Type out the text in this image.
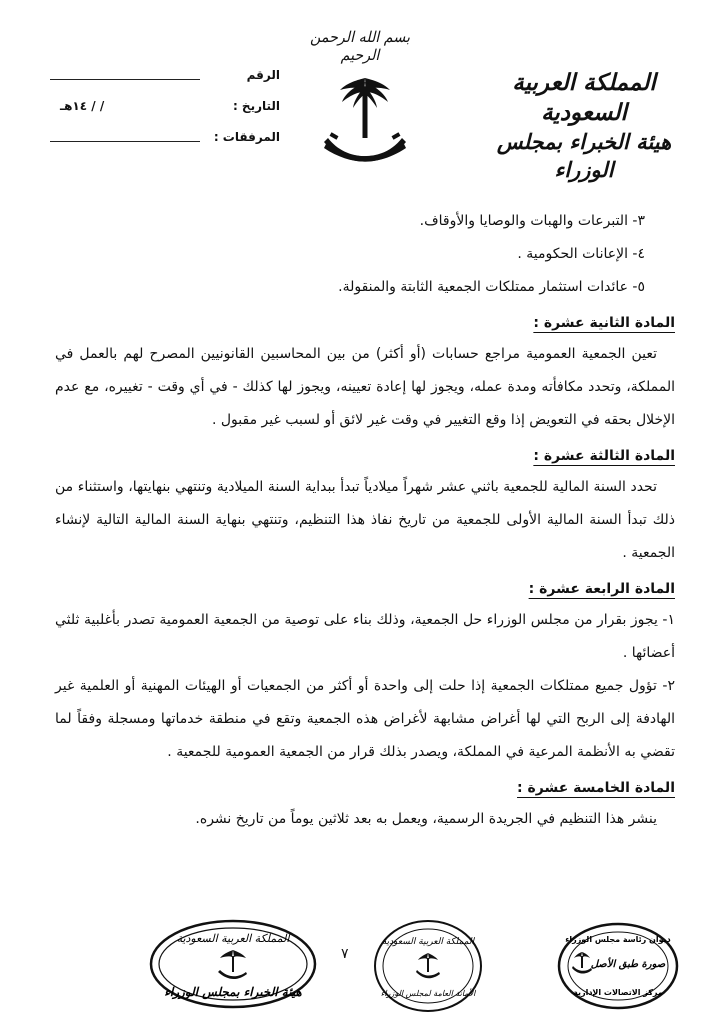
بسم الله الرحمن الرحيم
المملكة العربية السعودية
هيئة الخبراء بمجلس الوزراء
الرقم
التاريخ :
/ / ١٤هـ
المرفقات :
٣- التبرعات والهبات والوصايا والأوقاف.
٤- الإعانات الحكومية .
٥- عائدات استثمار ممتلكات الجمعية الثابتة والمنقولة.
المادة الثانية عشرة :

تعين الجمعية العمومية مراجع حسابات (أو أكثر) من بين المحاسبين القانونيين المصرح لهم بالعمل في المملكة، وتحدد مكافأته ومدة عمله، ويجوز لها إعادة تعيينه، ويجوز لها كذلك - في أي وقت - تغييره، مع عدم الإخلال بحقه في التعويض إذا وقع التغيير في وقت غير لائق أو لسبب غير مقبول .

المادة الثالثة عشرة :

تحدد السنة المالية للجمعية باثني عشر شهراً ميلادياً تبدأ ببداية السنة الميلادية وتنتهي بنهايتها، واستثناء من ذلك تبدأ السنة المالية الأولى للجمعية من تاريخ نفاذ هذا التنظيم، وتنتهي بنهاية السنة المالية التالية لإنشاء الجمعية .

المادة الرابعة عشرة :
١- يجوز بقرار من مجلس الوزراء حل الجمعية، وذلك بناء على توصية من الجمعية العمومية تصدر بأغلبية ثلثي أعضائها .
٢- تؤول جميع ممتلكات الجمعية إذا حلت إلى واحدة أو أكثر من الجمعيات أو الهيئات المهنية أو العلمية غير الهادفة إلى الربح التي لها أغراض مشابهة لأغراض هذه الجمعية وتقع في منطقة خدماتها ومسجلة وفقاً لما تقضي به الأنظمة المرعية في المملكة، ويصدر بذلك قرار من الجمعية العمومية للجمعية .
المادة الخامسة عشرة :

ينشر هذا التنظيم في الجريدة الرسمية، ويعمل به بعد ثلاثين يوماً من تاريخ نشره.

٧
المملكة العربية السعودية
هيئة الخبراء بمجلس الوزراء
المملكة العربية السعودية
الأمانة العامة لمجلس الوزراء
ديوان رئاسة مجلس الوزراء
صورة طبق الأصل
مركز الاتصالات الإدارية
